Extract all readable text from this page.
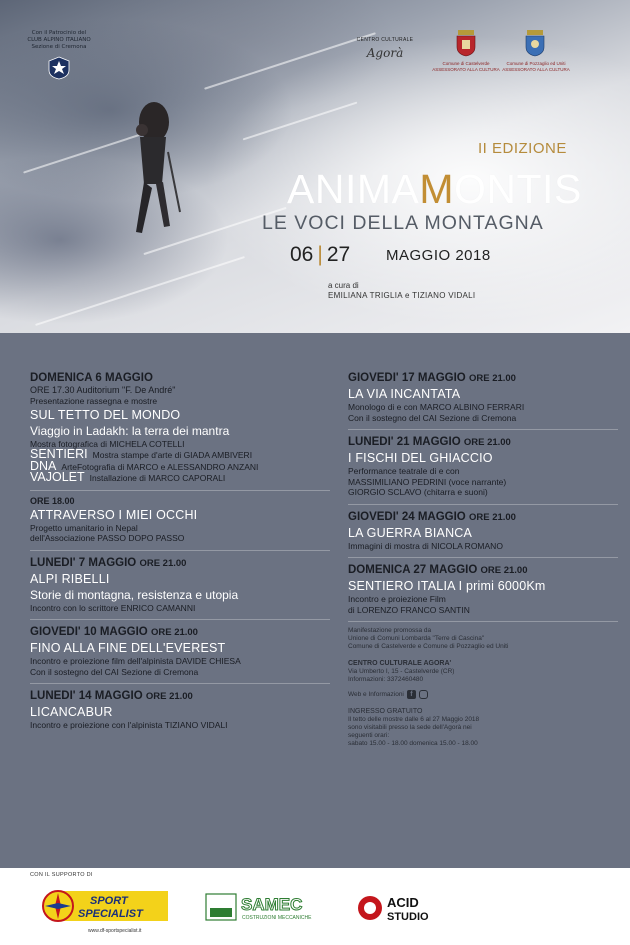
Con il Patrocinio del
CLUB ALPINO ITALIANO
Sezione di Cremona
CENTRO CULTURALE
Agorà
Comune di Castelverde
ASSESSORATO ALLA CULTURA
Comune di Pozzaglio ed Uniti
ASSESSORATO ALLA CULTURA
II EDIZIONE
ANIMAMONTIS
LE VOCI DELLA MONTAGNA
06 | 27 MAGGIO 2018
a cura di
EMILIANA TRIGLIA e TIZIANO VIDALI
DOMENICA 6 MAGGIO
ORE 17.30 Auditorium "F. De André"
Presentazione rassegna e mostre
SUL TETTO DEL MONDO
Viaggio in Ladakh: la terra dei mantra
Mostra fotografica di MICHELA COTELLI
SENTIERI Mostra stampe d'arte di GIADA AMBIVERI
DNA ArteFotografia di MARCO e ALESSANDRO ANZANI
VAJOLET Installazione di MARCO CAPORALI
ORE 18.00
ATTRAVERSO I MIEI OCCHI
Progetto umanitario in Nepal
dell'Associazione PASSO DOPO PASSO
LUNEDI' 7 MAGGIO ORE 21.00
ALPI RIBELLI
Storie di montagna, resistenza e utopia
Incontro con lo scrittore ENRICO CAMANNI
GIOVEDI' 10 MAGGIO ORE 21.00
FINO ALLA FINE DELL'EVEREST
Incontro e proiezione film dell'alpinista DAVIDE CHIESA
Con il sostegno del CAI Sezione di Cremona
LUNEDI' 14 MAGGIO ORE 21.00
LICANCABUR
Incontro e proiezione con l'alpinista TIZIANO VIDALI
GIOVEDI' 17 MAGGIO ORE 21.00
LA VIA INCANTATA
Monologo di e con MARCO ALBINO FERRARI
Con il sostegno del CAI Sezione di Cremona
LUNEDI' 21 MAGGIO ORE 21.00
I FISCHI DEL GHIACCIO
Performance teatrale di e con
MASSIMILIANO PEDRINI (voce narrante)
GIORGIO SCLAVO (chitarra e suoni)
GIOVEDI' 24 MAGGIO ORE 21.00
LA GUERRA BIANCA
Immagini di mostra di NICOLA ROMANO
DOMENICA 27 MAGGIO ORE 21.00
SENTIERO ITALIA I primi 6000Km
Incontro e proiezione Film
di LORENZO FRANCO SANTIN
Manifestazione promossa da
Unione di Comuni Lombarda "Terre di Cascina"
Comune di Castelverde e Comune di Pozzaglio ed Uniti
CENTRO CULTURALE AGORA'
Via Umberto I, 15 - Castelverde (CR)
Informazioni: 3372460480
Web e Informazioni f
INGRESSO GRATUITO
Il tetto delle mostre dalle 6 al 27 Maggio 2018
sono visitabili presso la sede dell'Agorà nei
seguenti orari:
sabato 15.00 - 18.00 domenica 15.00 - 18.00
CON IL SUPPORTO DI
SPORT
SPECIALIST
www.df-sportspecialist.it
SAMEC
COSTRUZIONI MECCANICHE
ACID
STUDIO
